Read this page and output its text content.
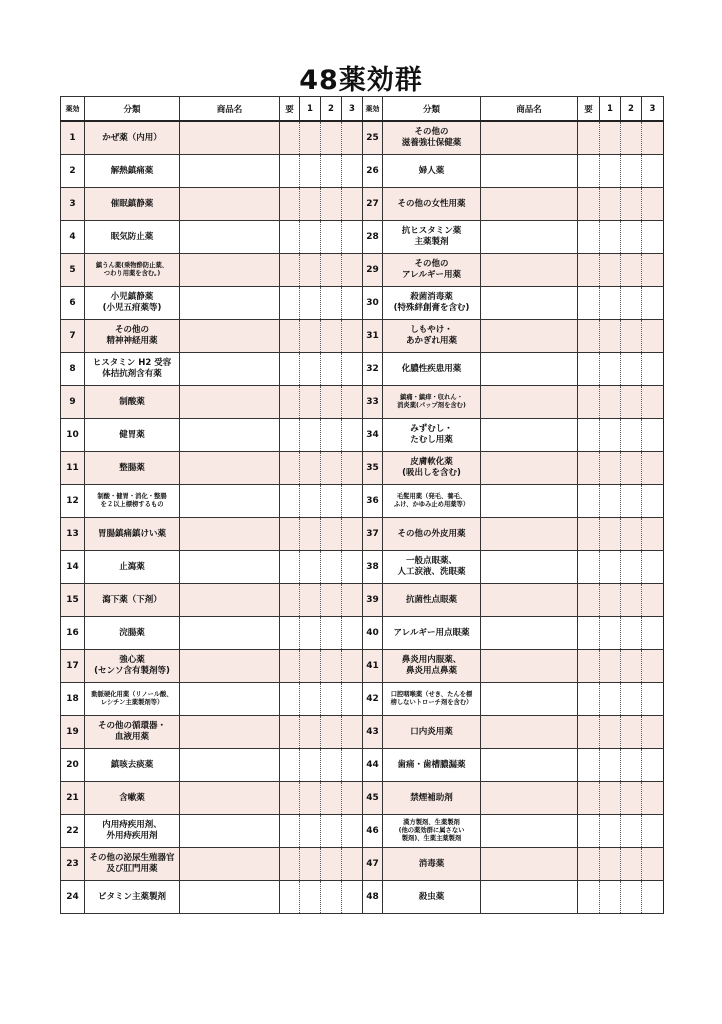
48薬効群
薬効	分類	商品名	要	1	2	3
1	かぜ薬（内用）					
2	解熱鎮痛薬					
3	催眠鎮静薬					
4	眠気防止薬					
5	鎮うん薬(乗物酔防止薬、
つわり用薬を含む。)					
6	小児鎮静薬
(小児五疳薬等)					
7	その他の
精神神経用薬					
8	ヒスタミン H2 受容
体拮抗剤含有薬					
9	制酸薬					
10	健胃薬					
11	整腸薬					
12	制酸・健胃・消化・整腸
を２以上標榜するもの					
13	胃腸鎮痛鎮けい薬					
14	止瀉薬					
15	瀉下薬（下剤）					
16	浣腸薬					
17	強心薬
(センソ含有製剤等)					
18	動脈硬化用薬（リノール酸、
レシチン主薬製剤等）					
19	その他の循環器・
血液用薬					
20	鎮咳去痰薬					
21	含嗽薬					
22	内用痔疾用剤、
外用痔疾用剤					
23	その他の泌尿生殖器官
及び肛門用薬					
24	ビタミン主薬製剤					
薬効	分類	商品名	要	1	2	3
25	その他の
滋養強壮保健薬					
26	婦人薬					
27	その他の女性用薬					
28	抗ヒスタミン薬
主薬製剤					
29	その他の
アレルギー用薬					
30	殺菌消毒薬
(特殊絆創膏を含む)					
31	しもやけ・
あかぎれ用薬					
32	化膿性疾患用薬					
33	鎮痛・鎮痒・収れん・
消炎薬(パップ剤を含む)					
34	みずむし・
たむし用薬					
35	皮膚軟化薬
(吸出しを含む)					
36	毛髪用薬（発毛、養毛、
ふけ、かゆみ止め用薬等）					
37	その他の外皮用薬					
38	一般点眼薬、
人工涙液、洗眼薬					
39	抗菌性点眼薬					
40	アレルギー用点眼薬					
41	鼻炎用内服薬、
鼻炎用点鼻薬					
42	口腔咽喉薬（せき、たんを標
榜しないトローチ剤を含む）					
43	口内炎用薬					
44	歯痛・歯槽膿漏薬					
45	禁煙補助剤					
46	漢方製剤、生薬製剤
(他の薬効群に属さない
製剤)、生薬主薬製剤					
47	消毒薬					
48	殺虫薬					
